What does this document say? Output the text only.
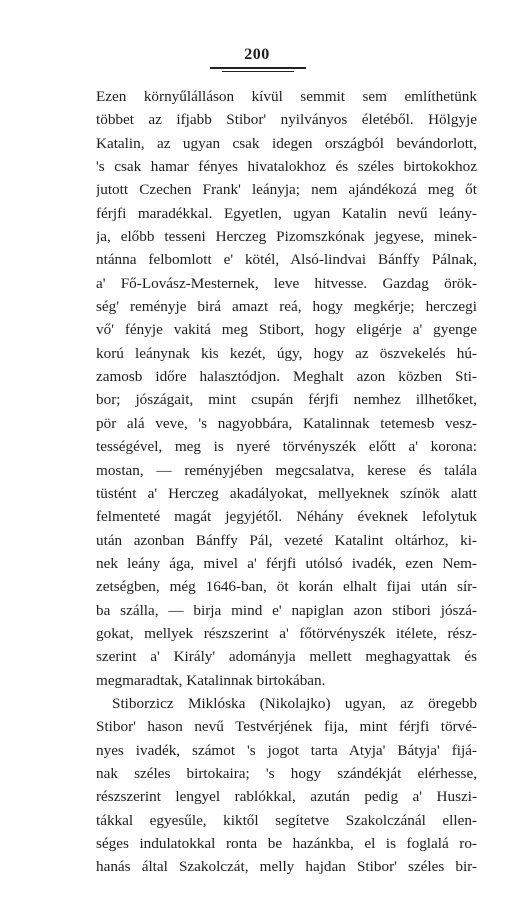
200
Ezen környűlálláson kívül semmit sem említhetünk
többet az ifjabb Stibor' nyilványos életéből. Hölgyje
Katalin, az ugyan csak idegen országból bevándorlott,
's csak hamar fényes hivatalokhoz és széles birtokokhoz
jutott Czechen Frank' leányja; nem ajándékozá meg őt
férjfi maradékkal. Egyetlen, ugyan Katalin nevű leány-
ja, előbb tesseni Herczeg Pizomszkónak jegyese, minek-
ntánna felbomlott e' kötél, Alsó-lindvai Bánffy Pálnak,
a' Fő-Lovász-Mesternek, leve hitvesse. Gazdag örök-
ség' reményje birá amazt reá, hogy megkérje; herczegi
vő' fényje vakitá meg Stibort, hogy eligérje a' gyenge
korú leánynak kis kezét, úgy, hogy az öszvekelés hú-
zamosb időre halasztódjon. Meghalt azon közben Sti-
bor; jószágait, mint csupán férjfi nemhez illhetőket,
pör alá veve, 's nagyobbára, Katalinnak tetemesb vesz-
tességével, meg is nyeré törvényszék előtt a' korona:
mostan, — reményjében megcsalatva, kerese és talála
tüstént a' Herczeg akadályokat, mellyeknek színök alatt
felmenteté magát jegyjétől. Néhány éveknek lefolytuk
után azonban Bánffy Pál, vezeté Katalint oltárhoz, ki-
nek leány ága, mivel a' férjfi utólsó ivadék, ezen Nem-
zetségben, még 1646-ban, öt korán elhalt fijai után sír-
ba szálla, — birja mind e' napiglan azon stibori jószá-
gokat, mellyek részszerint a' főtörvényszék itélete, rész-
szerint a' Király' adományja mellett meghagyattak és
megmaradtak, Katalinnak birtokában.
Stiborzicz Miklóska (Nikolajko) ugyan, az öregebb
Stibor' hason nevű Testvérjének fija, mint férjfi törvé-
nyes ivadék, számot 's jogot tarta Atyja' Bátyja' fijá-
nak széles birtokaira; 's hogy szándékját elérhesse,
részszerint lengyel rablókkal, azután pedig a' Huszi-
tákkal egyesűle, kiktől segítetve Szakolczánál ellen-
séges indulatokkal ronta be hazánkba, el is foglalá ro-
hanás által Szakolczát, melly hajdan Stibor' széles bir-
